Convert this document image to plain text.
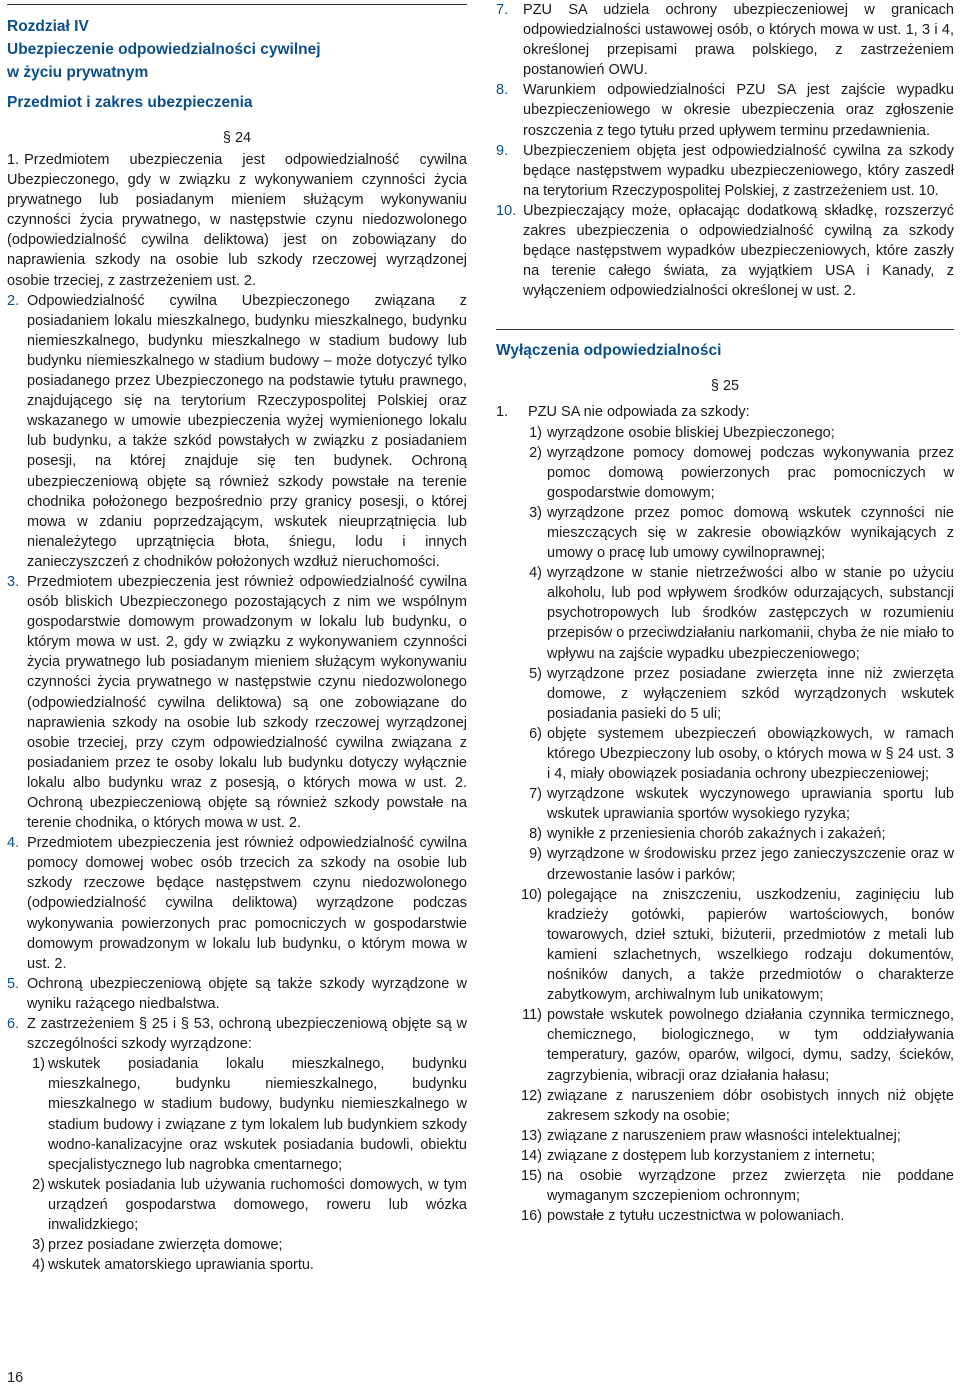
Rozdział IV
Ubezpieczenie odpowiedzialności cywilnej
w życiu prywatnym
Przedmiot i zakres ubezpieczenia
§ 24

1. Przedmiotem ubezpieczenia jest odpowiedzialność cywilna Ubezpieczonego, gdy w związku z wykonywaniem czynności życia prywatnego lub posiadanym mieniem służącym wykonywaniu czynności życia prywatnego, w następstwie czynu niedozwolonego (odpowiedzialność cywilna deliktowa) jest on zobowiązany do naprawienia szkody na osobie lub szkody rzeczowej wyrządzonej osobie trzeciej, z zastrzeżeniem ust. 2.

2. Odpowiedzialność cywilna Ubezpieczonego związana z posiadaniem lokalu mieszkalnego, budynku mieszkalnego, budynku niemieszkalnego, budynku mieszkalnego w stadium budowy lub budynku niemieszkalnego w stadium budowy – może dotyczyć tylko posiadanego przez Ubezpieczonego na podstawie tytułu prawnego, znajdującego się na terytorium Rzeczypospolitej Polskiej oraz wskazanego w umowie ubezpieczenia wyżej wymienionego lokalu lub budynku, a także szkód powstałych w związku z posiadaniem posesji, na której znajduje się ten budynek. Ochroną ubezpieczeniową objęte są również szkody powstałe na terenie chodnika położonego bezpośrednio przy granicy posesji, o której mowa w zdaniu poprzedzającym, wskutek nieuprzątnięcia lub nienależytego uprzątnięcia błota, śniegu, lodu i innych zanieczyszczeń z chodników położonych wzdłuż nieruchomości.

3. Przedmiotem ubezpieczenia jest również odpowiedzialność cywilna osób bliskich Ubezpieczonego pozostających z nim we wspólnym gospodarstwie domowym prowadzonym w lokalu lub budynku, o którym mowa w ust. 2, gdy w związku z wykonywaniem czynności życia prywatnego lub posiadanym mieniem służącym wykonywaniu czynności życia prywatnego w następstwie czynu niedozwolonego (odpowiedzialność cywilna deliktowa) są one zobowiązane do naprawienia szkody na osobie lub szkody rzeczowej wyrządzonej osobie trzeciej, przy czym odpowiedzialność cywilna związana z posiadaniem przez te osoby lokalu lub budynku dotyczy wyłącznie lokalu albo budynku wraz z posesją, o których mowa w ust. 2. Ochroną ubezpieczeniową objęte są również szkody powstałe na terenie chodnika, o których mowa w ust. 2.

4. Przedmiotem ubezpieczenia jest również odpowiedzialność cywilna pomocy domowej wobec osób trzecich za szkody na osobie lub szkody rzeczowe będące następstwem czynu niedozwolonego (odpowiedzialność cywilna deliktowa) wyrządzone podczas wykonywania powierzonych prac pomocniczych w gospodarstwie domowym prowadzonym w lokalu lub budynku, o którym mowa w ust. 2.

5. Ochroną ubezpieczeniową objęte są także szkody wyrządzone w wyniku rażącego niedbalstwa.

6. Z zastrzeżeniem § 25 i § 53, ochroną ubezpieczeniową objęte są w szczególności szkody wyrządzone:

1) wskutek posiadania lokalu mieszkalnego, budynku mieszkalnego, budynku niemieszkalnego, budynku mieszkalnego w stadium budowy, budynku niemieszkalnego w stadium budowy i związane z tym lokalem lub budynkiem szkody wodno-kanalizacyjne oraz wskutek posiadania budowli, obiektu specjalistycznego lub nagrobka cmentarnego;
2) wskutek posiadania lub używania ruchomości domowych, w tym urządzeń gospodarstwa domowego, roweru lub wózka inwalidzkiego;
3) przez posiadane zwierzęta domowe;
4) wskutek amatorskiego uprawiania sportu.

7. PZU SA udziela ochrony ubezpieczeniowej w granicach odpowiedzialności ustawowej osób, o których mowa w ust. 1, 3 i 4, określonej przepisami prawa polskiego, z zastrzeżeniem postanowień OWU.

8. Warunkiem odpowiedzialności PZU SA jest zajście wypadku ubezpieczeniowego w okresie ubezpieczenia oraz zgłoszenie roszczenia z tego tytułu przed upływem terminu przedawnienia.

9. Ubezpieczeniem objęta jest odpowiedzialność cywilna za szkody będące następstwem wypadku ubezpieczeniowego, który zaszedł na terytorium Rzeczypospolitej Polskiej, z zastrzeżeniem ust. 10.

10. Ubezpieczający może, opłacając dodatkową składkę, rozszerzyć zakres ubezpieczenia o odpowiedzialność cywilną za szkody będące następstwem wypadków ubezpieczeniowych, które zaszły na terenie całego świata, za wyjątkiem USA i Kanady, z wyłączeniem odpowiedzialności określonej w ust. 2.

Wyłączenia odpowiedzialności
§ 25

1. PZU SA nie odpowiada za szkody:

1) wyrządzone osobie bliskiej Ubezpieczonego;
2) wyrządzone pomocy domowej podczas wykonywania przez pomoc domową powierzonych prac pomocniczych w gospodarstwie domowym;
3) wyrządzone przez pomoc domową wskutek czynności nie mieszczących się w zakresie obowiązków wynikających z umowy o pracę lub umowy cywilnoprawnej;
4) wyrządzone w stanie nietrzeźwości albo w stanie po użyciu alkoholu, lub pod wpływem środków odurzających, substancji psychotropowych lub środków zastępczych w rozumieniu przepisów o przeciwdziałaniu narkomanii, chyba że nie miało to wpływu na zajście wypadku ubezpieczeniowego;
5) wyrządzone przez posiadane zwierzęta inne niż zwierzęta domowe, z wyłączeniem szkód wyrządzonych wskutek posiadania pasieki do 5 uli;
6) objęte systemem ubezpieczeń obowiązkowych, w ramach którego Ubezpieczony lub osoby, o których mowa w § 24 ust. 3 i 4, miały obowiązek posiadania ochrony ubezpieczeniowej;
7) wyrządzone wskutek wyczynowego uprawiania sportu lub wskutek uprawiania sportów wysokiego ryzyka;
8) wynikłe z przeniesienia chorób zakaźnych i zakażeń;
9) wyrządzone w środowisku przez jego zanieczyszczenie oraz w drzewostanie lasów i parków;
10) polegające na zniszczeniu, uszkodzeniu, zaginięciu lub kradzieży gotówki, papierów wartościowych, bonów towarowych, dzieł sztuki, biżuterii, przedmiotów z metali lub kamieni szlachetnych, wszelkiego rodzaju dokumentów, nośników danych, a także przedmiotów o charakterze zabytkowym, archiwalnym lub unikatowym;
11) powstałe wskutek powolnego działania czynnika termicznego, chemicznego, biologicznego, w tym oddziaływania temperatury, gazów, oparów, wilgoci, dymu, sadzy, ścieków, zagrzybienia, wibracji oraz działania hałasu;
12) związane z naruszeniem dóbr osobistych innych niż objęte zakresem szkody na osobie;
13) związane z naruszeniem praw własności intelektualnej;
14) związane z dostępem lub korzystaniem z internetu;
15) na osobie wyrządzone przez zwierzęta nie poddane wymaganym szczepieniom ochronnym;
16) powstałe z tytułu uczestnictwa w polowaniach.
16
